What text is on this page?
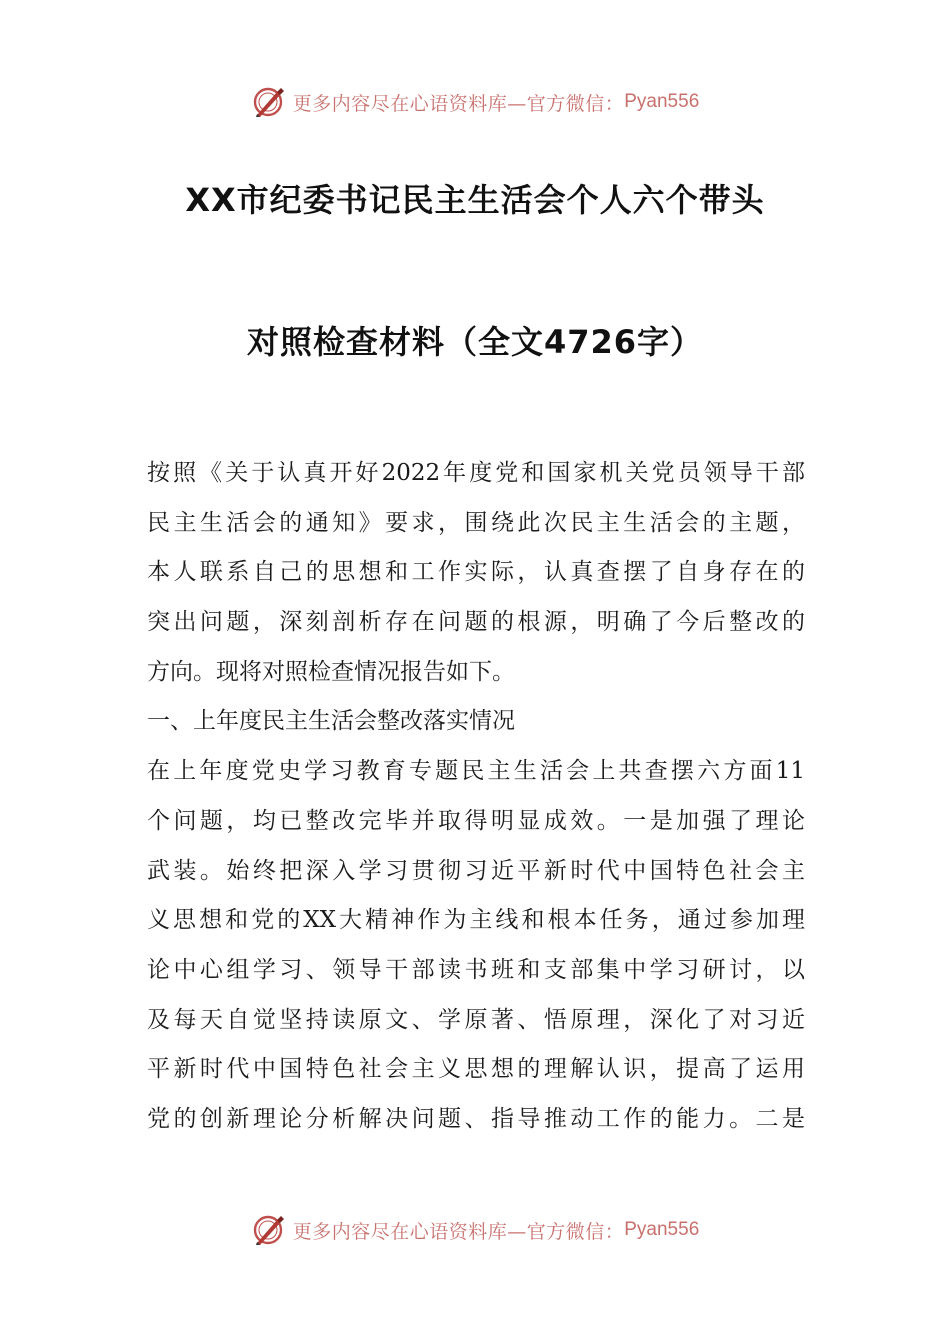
更多内容尽在心语资料库—官方微信： Pyan556
XX市纪委书记民主生活会个人六个带头
对照检查材料（全文4726字）
按照《关于认真开好2022年度党和国家机关党员领导干部
民主生活会的通知》要求，围绕此次民主生活会的主题，
本人联系自己的思想和工作实际，认真查摆了自身存在的
突出问题，深刻剖析存在问题的根源，明确了今后整改的
方向。现将对照检查情况报告如下。
一、上年度民主生活会整改落实情况
在上年度党史学习教育专题民主生活会上共查摆六方面11
个问题，均已整改完毕并取得明显成效。一是加强了理论
武装。始终把深入学习贯彻习近平新时代中国特色社会主
义思想和党的XX大精神作为主线和根本任务，通过参加理
论中心组学习、领导干部读书班和支部集中学习研讨，以
及每天自觉坚持读原文、学原著、悟原理，深化了对习近
平新时代中国特色社会主义思想的理解认识，提高了运用
党的创新理论分析解决问题、指导推动工作的能力。二是
更多内容尽在心语资料库—官方微信： Pyan556
